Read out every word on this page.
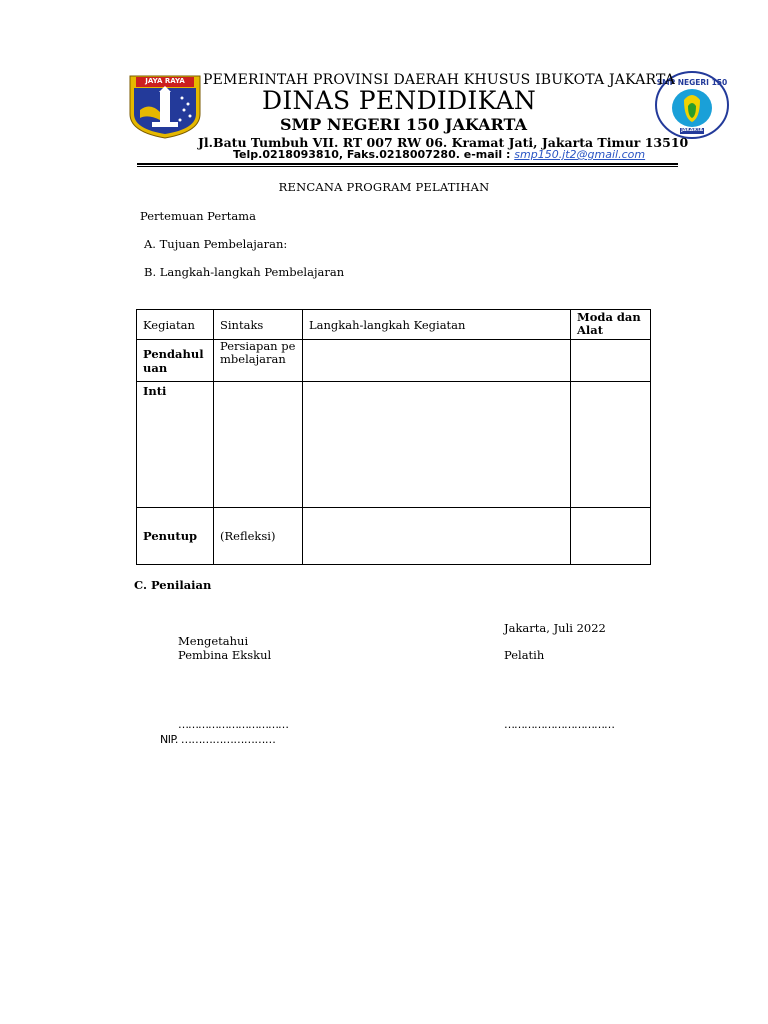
JAYA RAYA	SMP NEGERI 150
JAKARTA
PEMERINTAH PROVINSI DAERAH KHUSUS IBUKOTA JAKARTA
DINAS PENDIDIKAN
SMP NEGERI 150 JAKARTA
Jl.Batu Tumbuh VII. RT 007 RW 06. Kramat Jati, Jakarta Timur 13510
Telp.0218093810, Faks.0218007280. e-mail : smp150.jt2@gmail.com
RENCANA PROGRAM PELATIHAN
Pertemuan Pertama
A. Tujuan Pembelajaran:
B. Langkah-langkah Pembelajaran
Kegiatan	Sintaks	Langkah-langkah Kegiatan	Moda dan Alat
Pendahuluan	Persiapan pembelajaran		
Inti			
Penutup	(Refleksi)		
C. Penilaian
Jakarta, Juli 2022
Mengetahui
Pembina Ekskul	Pelatih
……………………………	……………………………
NIP. ………………………
